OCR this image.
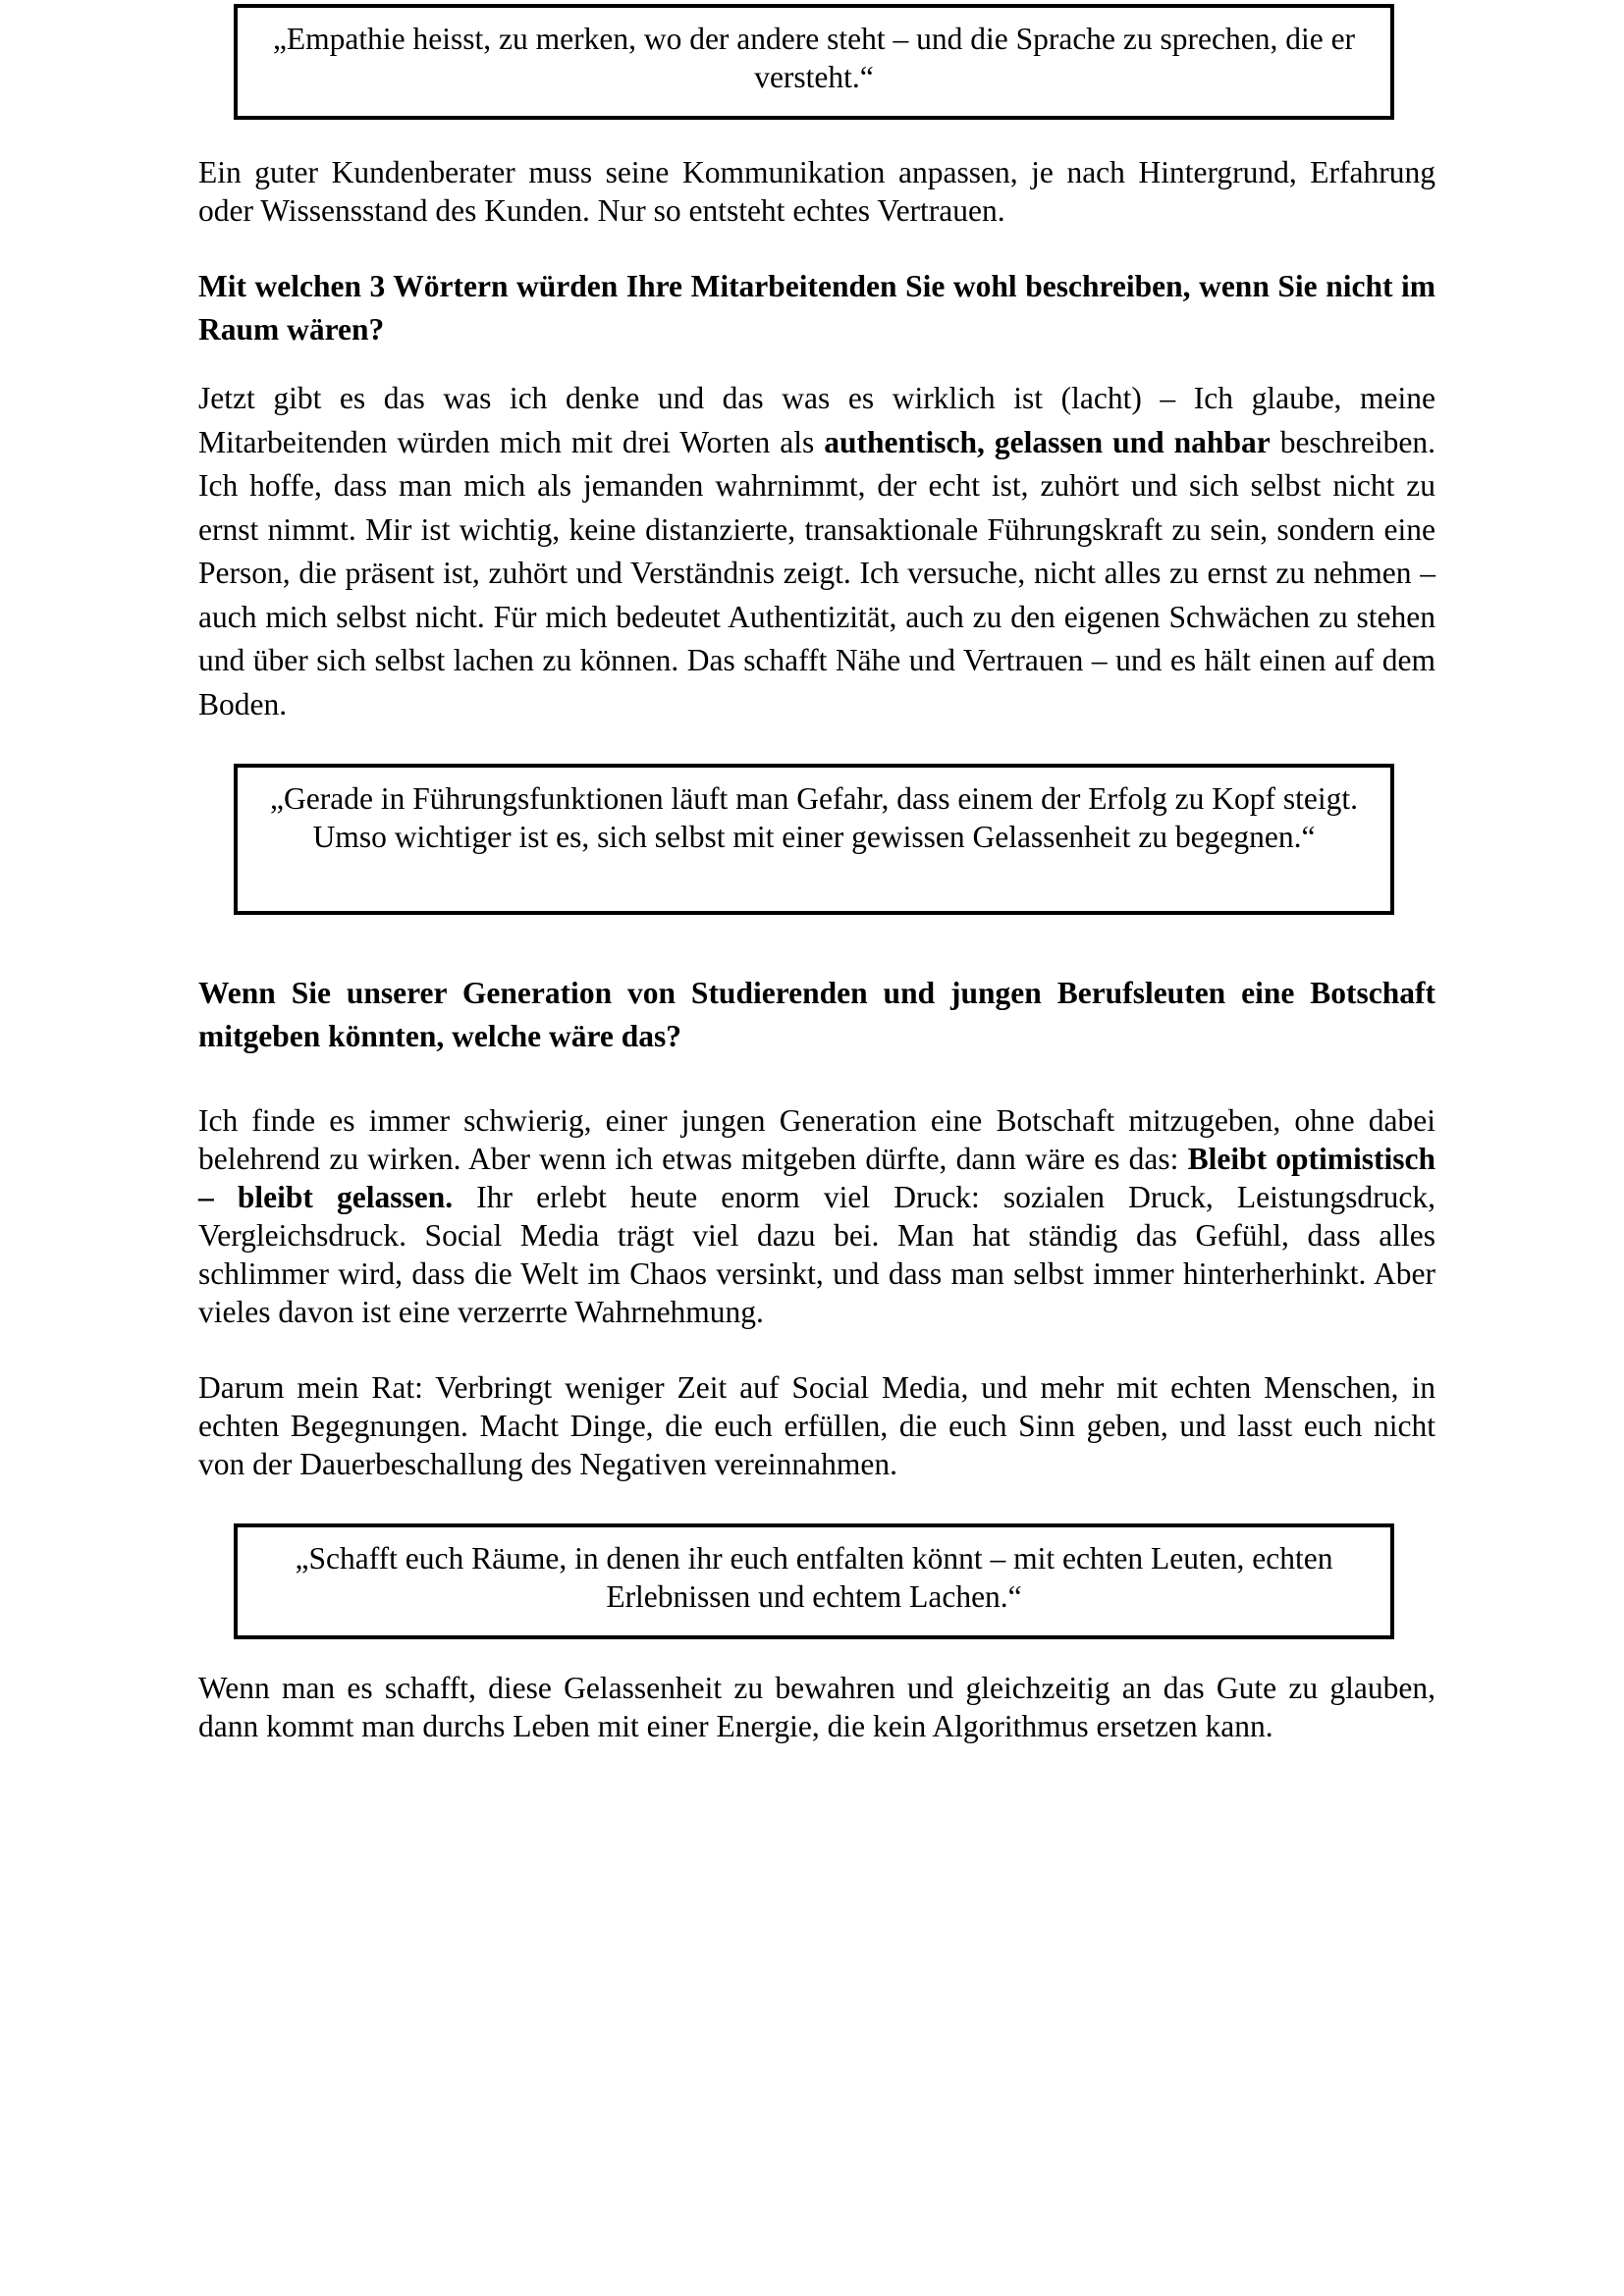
„Empathie heisst, zu merken, wo der andere steht – und die Sprache zu sprechen, die er versteht.“

Ein guter Kundenberater muss seine Kommunikation anpassen, je nach Hintergrund, Erfahrung oder Wissensstand des Kunden. Nur so entsteht echtes Vertrauen.

Mit welchen 3 Wörtern würden Ihre Mitarbeitenden Sie wohl beschreiben, wenn Sie nicht im Raum wären?

Jetzt gibt es das was ich denke und das was es wirklich ist (lacht) – Ich glaube, meine Mitarbeitenden würden mich mit drei Worten als authentisch, gelassen und nahbar beschreiben. Ich hoffe, dass man mich als jemanden wahrnimmt, der echt ist, zuhört und sich selbst nicht zu ernst nimmt. Mir ist wichtig, keine distanzierte, transaktionale Führungskraft zu sein, sondern eine Person, die präsent ist, zuhört und Verständnis zeigt. Ich versuche, nicht alles zu ernst zu nehmen – auch mich selbst nicht. Für mich bedeutet Authentizität, auch zu den eigenen Schwächen zu stehen und über sich selbst lachen zu können. Das schafft Nähe und Vertrauen – und es hält einen auf dem Boden.

„Gerade in Führungsfunktionen läuft man Gefahr, dass einem der Erfolg zu Kopf steigt. Umso wichtiger ist es, sich selbst mit einer gewissen Gelassenheit zu begegnen.“

Wenn Sie unserer Generation von Studierenden und jungen Berufsleuten eine Botschaft mitgeben könnten, welche wäre das?

Ich finde es immer schwierig, einer jungen Generation eine Botschaft mitzugeben, ohne dabei belehrend zu wirken. Aber wenn ich etwas mitgeben dürfte, dann wäre es das: Bleibt optimistisch – bleibt gelassen. Ihr erlebt heute enorm viel Druck: sozialen Druck, Leistungsdruck, Vergleichsdruck. Social Media trägt viel dazu bei. Man hat ständig das Gefühl, dass alles schlimmer wird, dass die Welt im Chaos versinkt, und dass man selbst immer hinterherhinkt. Aber vieles davon ist eine verzerrte Wahrnehmung.

Darum mein Rat: Verbringt weniger Zeit auf Social Media, und mehr mit echten Menschen, in echten Begegnungen. Macht Dinge, die euch erfüllen, die euch Sinn geben, und lasst euch nicht von der Dauerbeschallung des Negativen vereinnahmen.

„Schafft euch Räume, in denen ihr euch entfalten könnt – mit echten Leuten, echten Erlebnissen und echtem Lachen.“

Wenn man es schafft, diese Gelassenheit zu bewahren und gleichzeitig an das Gute zu glauben, dann kommt man durchs Leben mit einer Energie, die kein Algorithmus ersetzen kann.
